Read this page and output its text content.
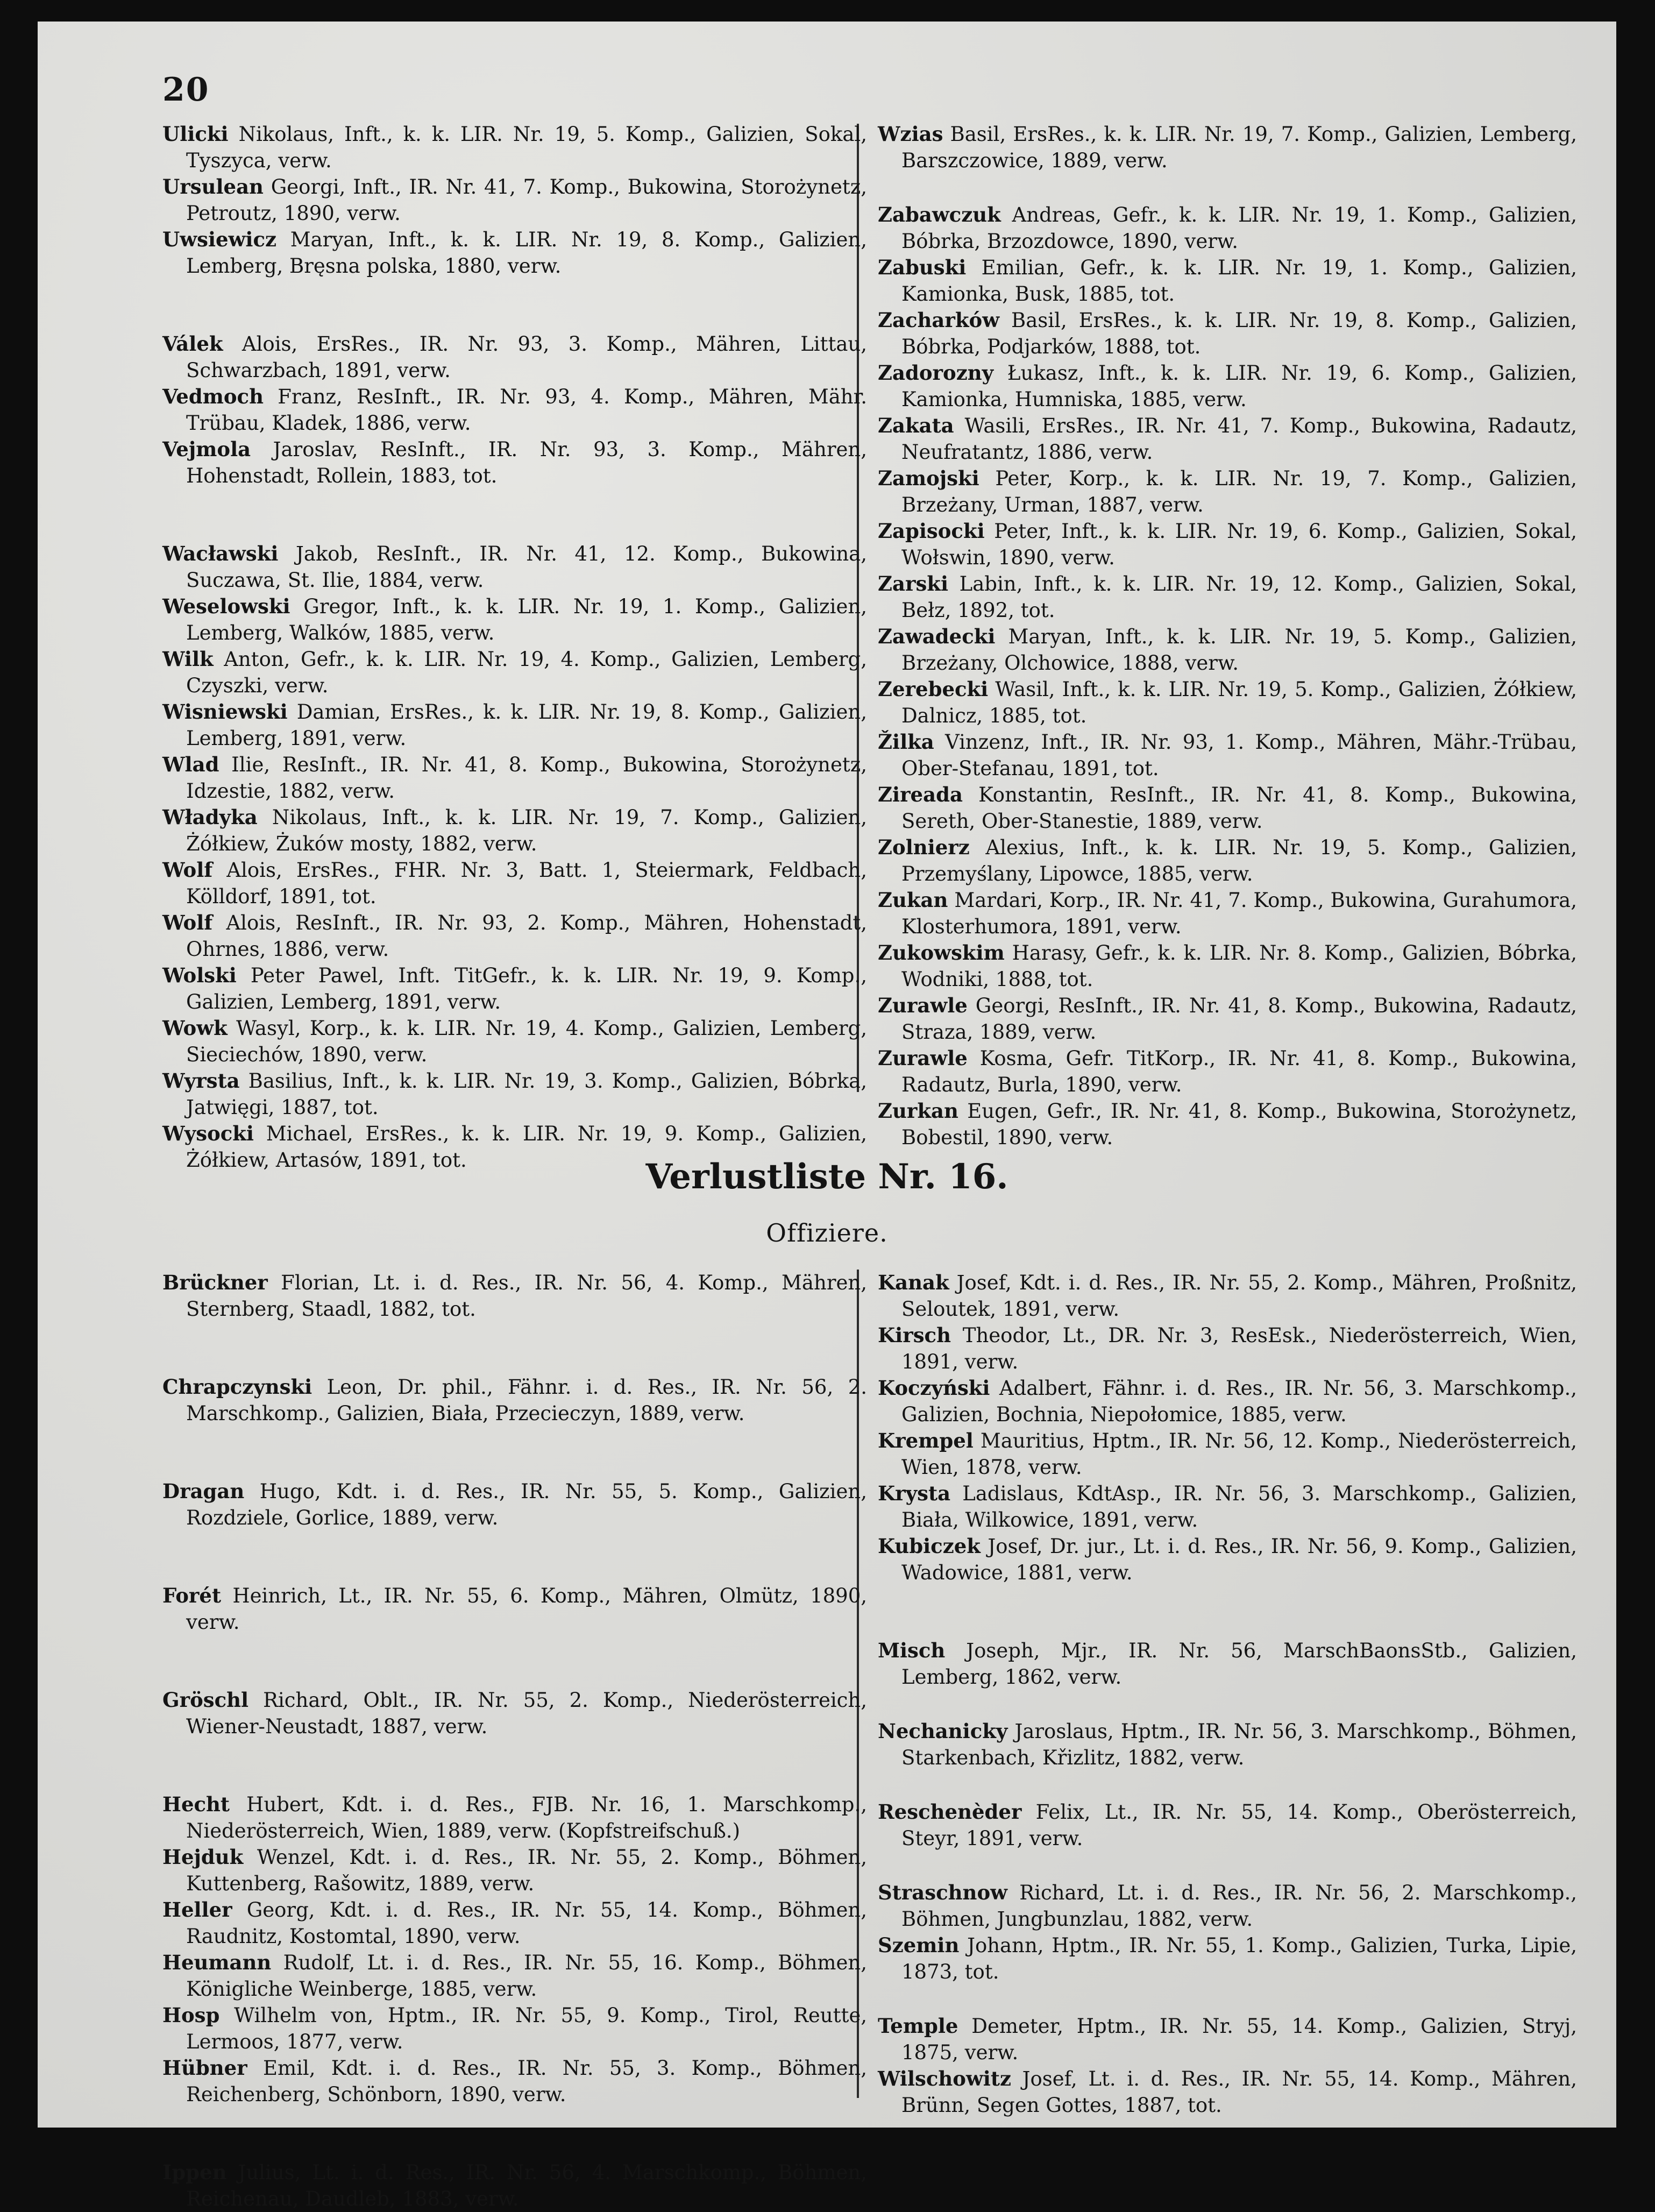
20

Ulicki Nikolaus, Inft., k. k. LIR. Nr. 19, 5. Komp., Galizien, Sokal, Tyszyca, verw.

Ursulean Georgi, Inft., IR. Nr. 41, 7. Komp., Bukowina, Storożynetz, Petroutz, 1890, verw.

Uwsiewicz Maryan, Inft., k. k. LIR. Nr. 19, 8. Komp., Galizien, Lemberg, Bręsna polska, 1880, verw.

Válek Alois, ErsRes., IR. Nr. 93, 3. Komp., Mähren, Littau, Schwarzbach, 1891, verw.

Vedmoch Franz, ResInft., IR. Nr. 93, 4. Komp., Mähren, Mähr. Trübau, Kladek, 1886, verw.

Vejmola Jaroslav, ResInft., IR. Nr. 93, 3. Komp., Mähren, Hohenstadt, Rollein, 1883, tot.

Wacławski Jakob, ResInft., IR. Nr. 41, 12. Komp., Bukowina, Suczawa, St. Ilie, 1884, verw.

Weselowski Gregor, Inft., k. k. LIR. Nr. 19, 1. Komp., Galizien, Lemberg, Walków, 1885, verw.

Wilk Anton, Gefr., k. k. LIR. Nr. 19, 4. Komp., Galizien, Lemberg, Czyszki, verw.

Wisniewski Damian, ErsRes., k. k. LIR. Nr. 19, 8. Komp., Galizien, Lemberg, 1891, verw.

Wlad Ilie, ResInft., IR. Nr. 41, 8. Komp., Bukowina, Storożynetz, Idzestie, 1882, verw.

Władyka Nikolaus, Inft., k. k. LIR. Nr. 19, 7. Komp., Galizien, Żółkiew, Żuków mosty, 1882, verw.

Wolf Alois, ErsRes., FHR. Nr. 3, Batt. 1, Steiermark, Feldbach, Kölldorf, 1891, tot.

Wolf Alois, ResInft., IR. Nr. 93, 2. Komp., Mähren, Hohenstadt, Ohrnes, 1886, verw.

Wolski Peter Pawel, Inft. TitGefr., k. k. LIR. Nr. 19, 9. Komp., Galizien, Lemberg, 1891, verw.

Wowk Wasyl, Korp., k. k. LIR. Nr. 19, 4. Komp., Galizien, Lemberg, Sieciechów, 1890, verw.

Wyrsta Basilius, Inft., k. k. LIR. Nr. 19, 3. Komp., Galizien, Bóbrka, Jatwięgi, 1887, tot.

Wysocki Michael, ErsRes., k. k. LIR. Nr. 19, 9. Komp., Galizien, Żółkiew, Artasów, 1891, tot.

Wzias Basil, ErsRes., k. k. LIR. Nr. 19, 7. Komp., Galizien, Lemberg, Barszczowice, 1889, verw.

Zabawczuk Andreas, Gefr., k. k. LIR. Nr. 19, 1. Komp., Galizien, Bóbrka, Brzozdowce, 1890, verw.

Zabuski Emilian, Gefr., k. k. LIR. Nr. 19, 1. Komp., Galizien, Kamionka, Busk, 1885, tot.

Zacharków Basil, ErsRes., k. k. LIR. Nr. 19, 8. Komp., Galizien, Bóbrka, Podjarków, 1888, tot.

Zadorozny Łukasz, Inft., k. k. LIR. Nr. 19, 6. Komp., Galizien, Kamionka, Humniska, 1885, verw.

Zakata Wasili, ErsRes., IR. Nr. 41, 7. Komp., Bukowina, Radautz, Neufratantz, 1886, verw.

Zamojski Peter, Korp., k. k. LIR. Nr. 19, 7. Komp., Galizien, Brzeżany, Urman, 1887, verw.

Zapisocki Peter, Inft., k. k. LIR. Nr. 19, 6. Komp., Galizien, Sokal, Wołswin, 1890, verw.

Zarski Labin, Inft., k. k. LIR. Nr. 19, 12. Komp., Galizien, Sokal, Bełz, 1892, tot.

Zawadecki Maryan, Inft., k. k. LIR. Nr. 19, 5. Komp., Galizien, Brzeżany, Olchowice, 1888, verw.

Zerebecki Wasil, Inft., k. k. LIR. Nr. 19, 5. Komp., Galizien, Żółkiew, Dalnicz, 1885, tot.

Žilka Vinzenz, Inft., IR. Nr. 93, 1. Komp., Mähren, Mähr.-Trübau, Ober-Stefanau, 1891, tot.

Zireada Konstantin, ResInft., IR. Nr. 41, 8. Komp., Bukowina, Sereth, Ober-Stanestie, 1889, verw.

Zolnierz Alexius, Inft., k. k. LIR. Nr. 19, 5. Komp., Galizien, Przemyślany, Lipowce, 1885, verw.

Zukan Mardari, Korp., IR. Nr. 41, 7. Komp., Bukowina, Gurahumora, Klosterhumora, 1891, verw.

Zukowskim Harasy, Gefr., k. k. LIR. Nr. 8. Komp., Galizien, Bóbrka, Wodniki, 1888, tot.

Zurawle Georgi, ResInft., IR. Nr. 41, 8. Komp., Bukowina, Radautz, Straza, 1889, verw.

Zurawle Kosma, Gefr. TitKorp., IR. Nr. 41, 8. Komp., Bukowina, Radautz, Burla, 1890, verw.

Zurkan Eugen, Gefr., IR. Nr. 41, 8. Komp., Bukowina, Storożynetz, Bobestil, 1890, verw.

Verlustliste Nr. 16.
Offiziere.

Brückner Florian, Lt. i. d. Res., IR. Nr. 56, 4. Komp., Mähren, Sternberg, Staadl, 1882, tot.

Chrapczynski Leon, Dr. phil., Fähnr. i. d. Res., IR. Nr. 56, 2. Marschkomp., Galizien, Biała, Przecieczyn, 1889, verw.

Dragan Hugo, Kdt. i. d. Res., IR. Nr. 55, 5. Komp., Galizien, Rozdziele, Gorlice, 1889, verw.

Forét Heinrich, Lt., IR. Nr. 55, 6. Komp., Mähren, Olmütz, 1890, verw.

Gröschl Richard, Oblt., IR. Nr. 55, 2. Komp., Niederösterreich, Wiener-Neustadt, 1887, verw.

Hecht Hubert, Kdt. i. d. Res., FJB. Nr. 16, 1. Marschkomp., Niederösterreich, Wien, 1889, verw. (Kopfstreifschuß.)

Hejduk Wenzel, Kdt. i. d. Res., IR. Nr. 55, 2. Komp., Böhmen, Kuttenberg, Rašowitz, 1889, verw.

Heller Georg, Kdt. i. d. Res., IR. Nr. 55, 14. Komp., Böhmen, Raudnitz, Kostomtal, 1890, verw.

Heumann Rudolf, Lt. i. d. Res., IR. Nr. 55, 16. Komp., Böhmen, Königliche Weinberge, 1885, verw.

Hosp Wilhelm von, Hptm., IR. Nr. 55, 9. Komp., Tirol, Reutte, Lermoos, 1877, verw.

Hübner Emil, Kdt. i. d. Res., IR. Nr. 55, 3. Komp., Böhmen, Reichenberg, Schönborn, 1890, verw.

Ippen Julius, Lt. i. d. Res., IR. Nr. 56, 4. Marschkomp., Böhmen, Reichenau, Daudleb, 1883, verw.

Kanak Josef, Kdt. i. d. Res., IR. Nr. 55, 2. Komp., Mähren, Proßnitz, Seloutek, 1891, verw.

Kirsch Theodor, Lt., DR. Nr. 3, ResEsk., Niederösterreich, Wien, 1891, verw.

Koczyński Adalbert, Fähnr. i. d. Res., IR. Nr. 56, 3. Marschkomp., Galizien, Bochnia, Niepołomice, 1885, verw.

Krempel Mauritius, Hptm., IR. Nr. 56, 12. Komp., Niederösterreich, Wien, 1878, verw.

Krysta Ladislaus, KdtAsp., IR. Nr. 56, 3. Marschkomp., Galizien, Biała, Wilkowice, 1891, verw.

Kubiczek Josef, Dr. jur., Lt. i. d. Res., IR. Nr. 56, 9. Komp., Galizien, Wadowice, 1881, verw.

Misch Joseph, Mjr., IR. Nr. 56, MarschBaonsStb., Galizien, Lemberg, 1862, verw.

Nechanicky Jaroslaus, Hptm., IR. Nr. 56, 3. Marschkomp., Böhmen, Starkenbach, Křizlitz, 1882, verw.

Reschenèder Felix, Lt., IR. Nr. 55, 14. Komp., Oberösterreich, Steyr, 1891, verw.

Straschnow Richard, Lt. i. d. Res., IR. Nr. 56, 2. Marschkomp., Böhmen, Jungbunzlau, 1882, verw.

Szemin Johann, Hptm., IR. Nr. 55, 1. Komp., Galizien, Turka, Lipie, 1873, tot.

Temple Demeter, Hptm., IR. Nr. 55, 14. Komp., Galizien, Stryj, 1875, verw.

Wilschowitz Josef, Lt. i. d. Res., IR. Nr. 55, 14. Komp., Mähren, Brünn, Segen Gottes, 1887, tot.
